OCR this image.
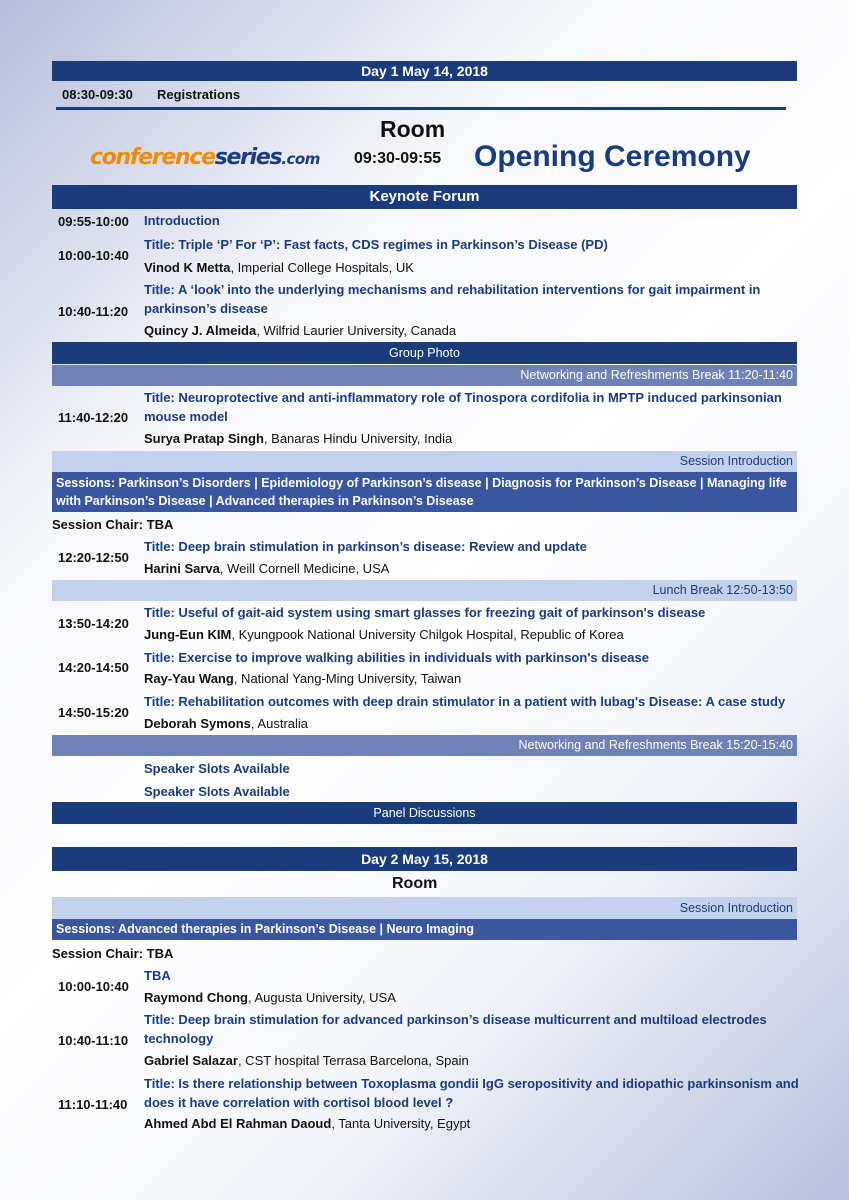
Day 1 May 14, 2018
08:30-09:30 Registrations
Room
conferenceseries.com 09:30-09:55 Opening Ceremony
Keynote Forum
09:55-10:00 Introduction
10:00-10:40
Title: Triple ‘P’ For ‘P’: Fast facts, CDS regimes in Parkinson’s Disease (PD)
Vinod K Metta, Imperial College Hospitals, UK
10:40-11:20
Title: A ‘look’ into the underlying mechanisms and rehabilitation interventions for gait impairment in
parkinson’s disease
Quincy J. Almeida, Wilfrid Laurier University, Canada
Group Photo
Networking and Refreshments Break 11:20-11:40
11:40-12:20
Title: Neuroprotective and anti-inflammatory role of Tinospora cordifolia in MPTP induced parkinsonian
mouse model
Surya Pratap Singh, Banaras Hindu University, India
Session Introduction
Sessions: Parkinson’s Disorders | Epidemiology of Parkinson’s disease | Diagnosis for Parkinson’s Disease | Managing life
with Parkinson’s Disease | Advanced therapies in Parkinson’s Disease
Session Chair: TBA
12:20-12:50
Title: Deep brain stimulation in parkinson’s disease: Review and update
Harini Sarva, Weill Cornell Medicine, USA
Lunch Break 12:50-13:50
13:50-14:20
Title: Useful of gait-aid system using smart glasses for freezing gait of parkinson's disease
Jung-Eun KIM, Kyungpook National University Chilgok Hospital, Republic of Korea
14:20-14:50
Title: Exercise to improve walking abilities in individuals with parkinson's disease
Ray-Yau Wang, National Yang-Ming University, Taiwan
14:50-15:20
Title: Rehabilitation outcomes with deep drain stimulator in a patient with lubag's Disease: A case study
Deborah Symons, Australia
Networking and Refreshments Break 15:20-15:40
Speaker Slots Available
Speaker Slots Available
Panel Discussions
Day 2 May 15, 2018
Room
Session Introduction
Sessions: Advanced therapies in Parkinson’s Disease | Neuro Imaging
Session Chair: TBA
10:00-10:40
TBA
Raymond Chong, Augusta University, USA
10:40-11:10
Title: Deep brain stimulation for advanced parkinson’s disease multicurrent and multiload electrodes
technology
Gabriel Salazar, CST hospital Terrasa Barcelona, Spain
11:10-11:40
Title: Is there relationship between Toxoplasma gondii IgG seropositivity and idiopathic parkinsonism and
does it have correlation with cortisol blood level ?
Ahmed Abd El Rahman Daoud, Tanta University, Egypt
